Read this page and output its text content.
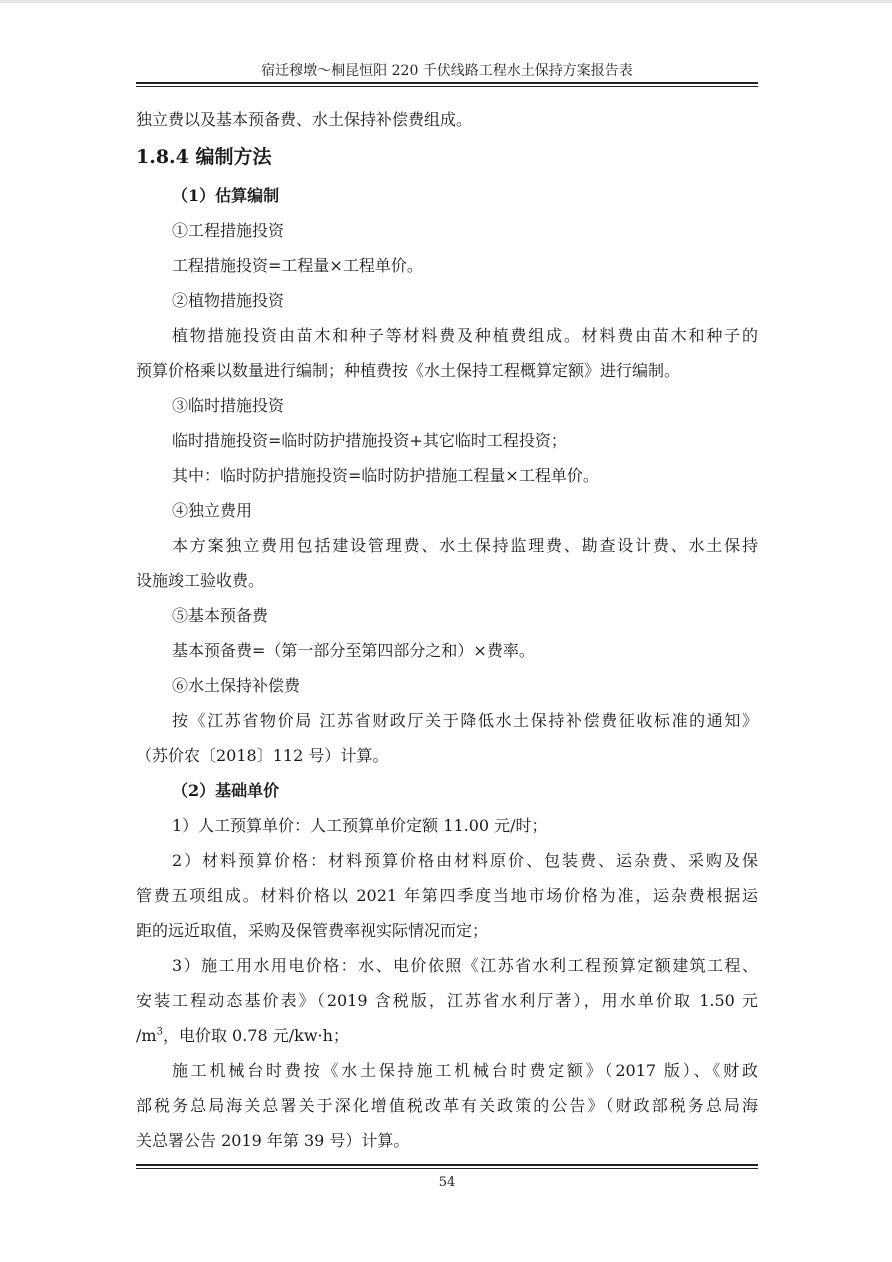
宿迁穆墩～桐昆恒阳 220 千伏线路工程水土保持方案报告表
独立费以及基本预备费、水土保持补偿费组成。
1.8.4 编制方法
（1）估算编制
①工程措施投资
工程措施投资=工程量×工程单价。
②植物措施投资
植物措施投资由苗木和种子等材料费及种植费组成。材料费由苗木和种子的
预算价格乘以数量进行编制；种植费按《水土保持工程概算定额》进行编制。
③临时措施投资
临时措施投资=临时防护措施投资+其它临时工程投资；
其中：临时防护措施投资=临时防护措施工程量×工程单价。
④独立费用
本方案独立费用包括建设管理费、水土保持监理费、勘查设计费、水土保持
设施竣工验收费。
⑤基本预备费
基本预备费=（第一部分至第四部分之和）×费率。
⑥水土保持补偿费
按《江苏省物价局 江苏省财政厅关于降低水土保持补偿费征收标准的通知》
（苏价农〔2018〕112 号）计算。
（2）基础单价
1）人工预算单价：人工预算单价定额 11.00 元/时；
2）材料预算价格：材料预算价格由材料原价、包装费、运杂费、采购及保
管费五项组成。材料价格以 2021 年第四季度当地市场价格为准，运杂费根据运
距的远近取值，采购及保管费率视实际情况而定；
3）施工用水用电价格：水、电价依照《江苏省水利工程预算定额建筑工程、
安装工程动态基价表》（2019 含税版，江苏省水利厅著），用水单价取 1.50 元
$/m^3$，电价取 0.78 元/kw·h；
施工机械台时费按《水土保持施工机械台时费定额》（2017 版）、《财政
部税务总局海关总署关于深化增值税改革有关政策的公告》（财政部税务总局海
关总署公告 2019 年第 39 号）计算。
54
